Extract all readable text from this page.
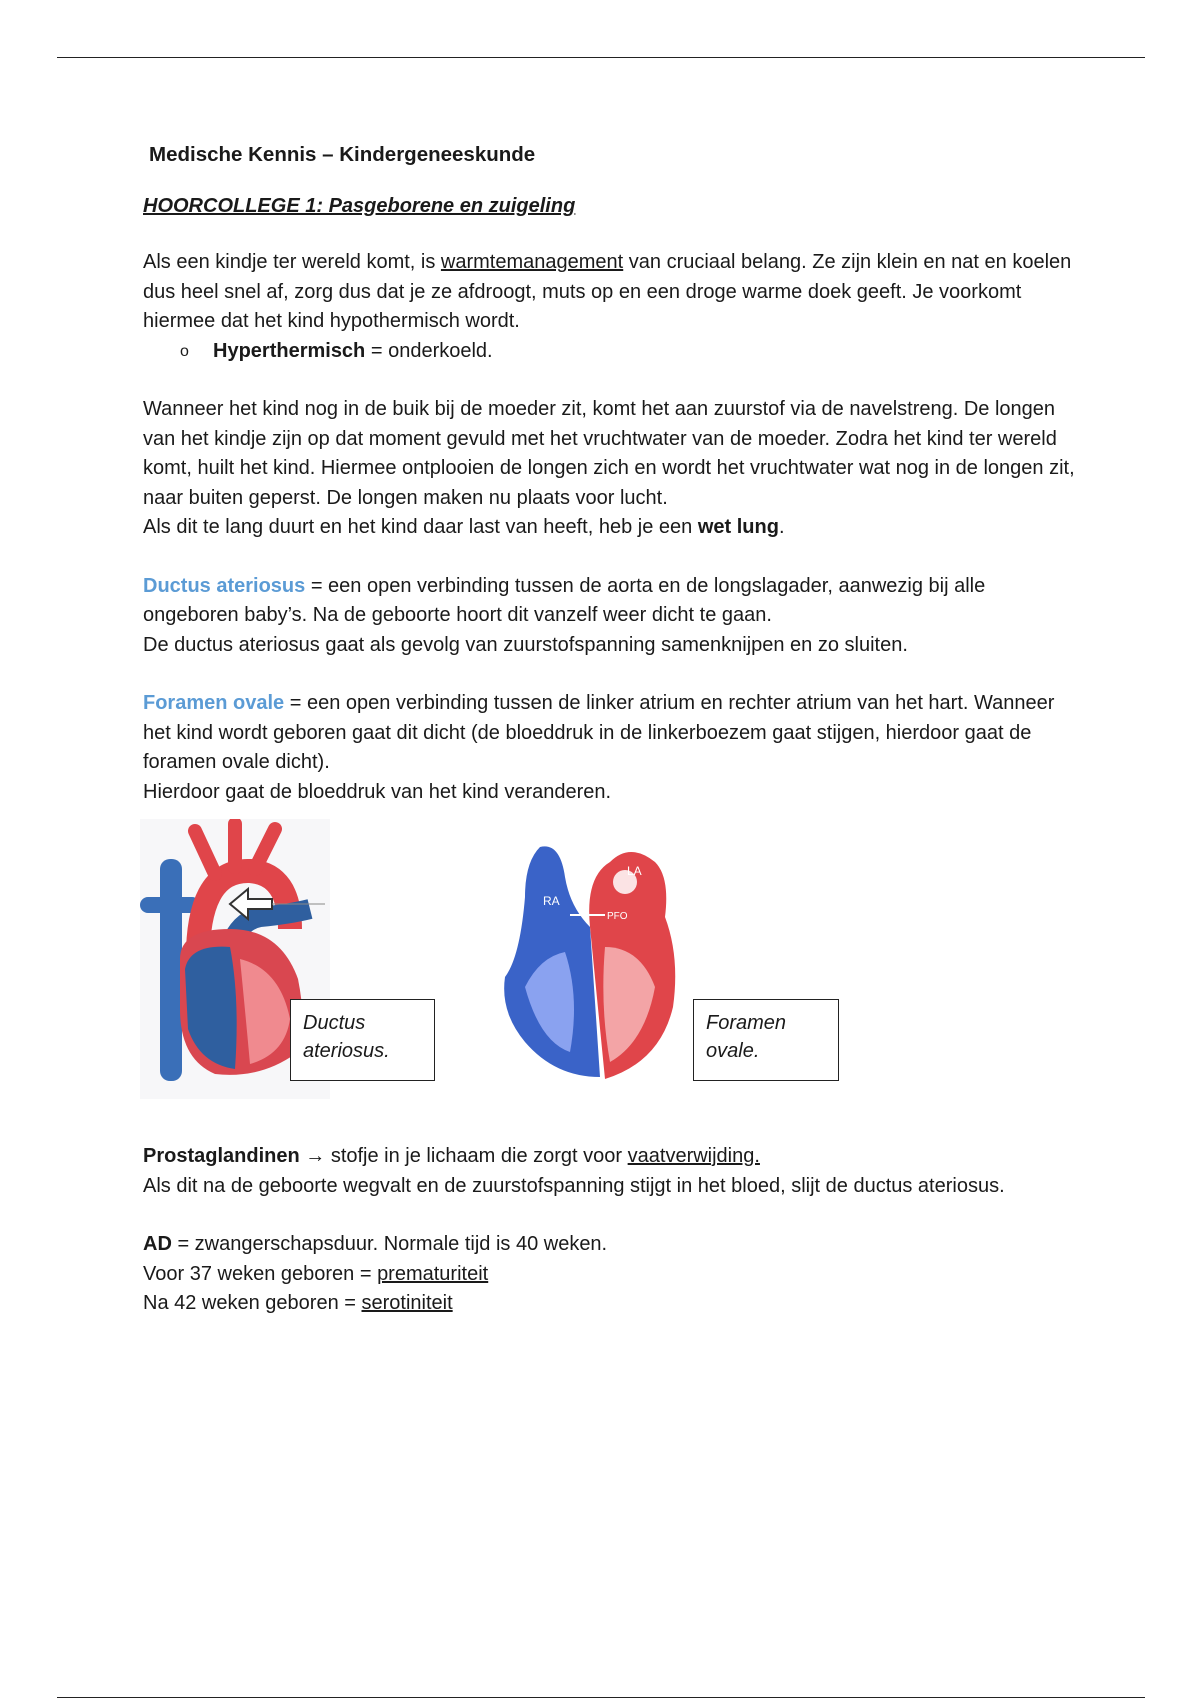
Medische Kennis – Kindergeneeskunde
HOORCOLLEGE 1: Pasgeborene en zuigeling

Als een kindje ter wereld komt, is warmtemanagement van cruciaal belang. Ze zijn klein en nat en koelen dus heel snel af, zorg dus dat je ze afdroogt, muts op en een droge warme doek geeft. Je voorkomt hiermee dat het kind hypothermisch wordt.

o	Hyperthermisch = onderkoeld.

Wanneer het kind nog in de buik bij de moeder zit, komt het aan zuurstof via de navelstreng. De longen van het kindje zijn op dat moment gevuld met het vruchtwater van de moeder. Zodra het kind ter wereld komt, huilt het kind. Hiermee ontplooien de longen zich en wordt het vruchtwater wat nog in de longen zit, naar buiten geperst. De longen maken nu plaats voor lucht.

Als dit te lang duurt en het kind daar last van heeft, heb je een wet lung.

Ductus ateriosus = een open verbinding tussen de aorta en de longslagader, aanwezig bij alle ongeboren baby’s. Na de geboorte hoort dit vanzelf weer dicht te gaan.

De ductus ateriosus gaat als gevolg van zuurstofspanning samenknijpen en zo sluiten.

Foramen ovale = een open verbinding tussen de linker atrium en rechter atrium van het hart. Wanneer het kind wordt geboren gaat dit dicht (de bloeddruk in de linkerboezem gaat stijgen, hierdoor gaat de foramen ovale dicht).

Hierdoor gaat de bloeddruk van het kind veranderen.

Ductus ateriosus.
RA
LA
PFO
Foramen ovale.

Prostaglandinen → stofje in je lichaam die zorgt voor vaatverwijding.

Als dit na de geboorte wegvalt en de zuurstofspanning stijgt in het bloed, slijt de ductus ateriosus.

AD = zwangerschapsduur. Normale tijd is 40 weken.

Voor 37 weken geboren = prematuriteit

Na 42 weken geboren = serotiniteit
